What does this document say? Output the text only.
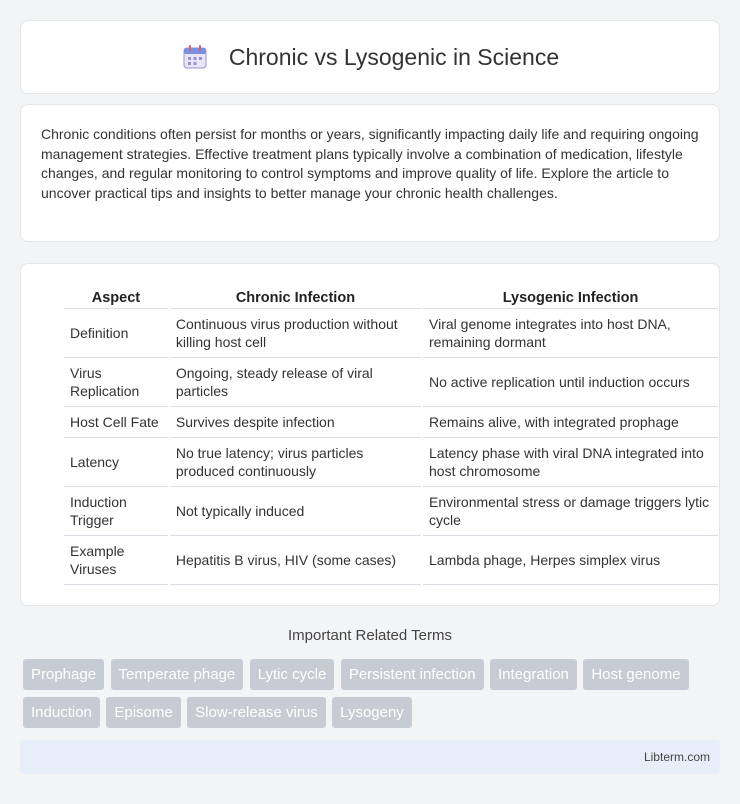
Chronic vs Lysogenic in Science

Chronic conditions often persist for months or years, significantly impacting daily life and requiring ongoing management strategies. Effective treatment plans typically involve a combination of medication, lifestyle changes, and regular monitoring to control symptoms and improve quality of life. Explore the article to uncover practical tips and insights to better manage your chronic health challenges.

Aspect	Chronic Infection	Lysogenic Infection
Definition	Continuous virus production without killing host cell	Viral genome integrates into host DNA, remaining dormant
Virus Replication	Ongoing, steady release of viral particles	No active replication until induction occurs
Host Cell Fate	Survives despite infection	Remains alive, with integrated prophage
Latency	No true latency; virus particles produced continuously	Latency phase with viral DNA integrated into host chromosome
Induction Trigger	Not typically induced	Environmental stress or damage triggers lytic cycle
Example Viruses	Hepatitis B virus, HIV (some cases)	Lambda phage, Herpes simplex virus
Important Related Terms
Prophage Temperate phage Lytic cycle Persistent infection Integration Host genome Induction Episome Slow-release virus Lysogeny
Libterm.com
